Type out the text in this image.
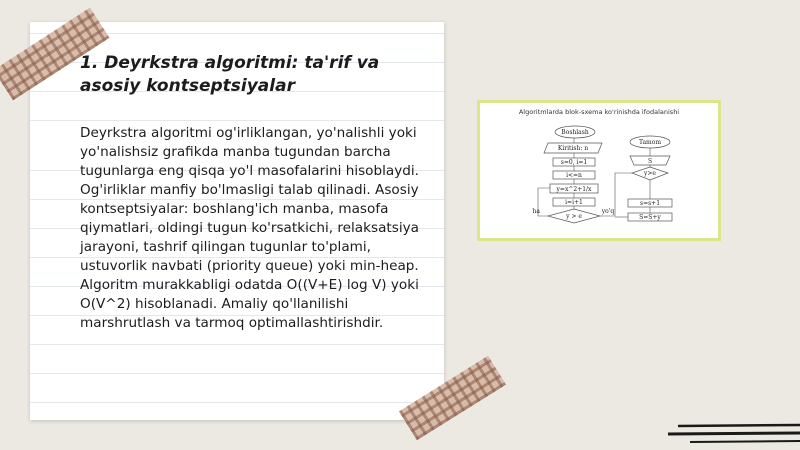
1. Deyrkstra algoritmi: ta'rif va asosiy kontseptsiyalar

Deyrkstra algoritmi og'irliklangan, yo'nalishli yoki yo'nalishsiz grafikda manba tugundan barcha tugunlarga eng qisqa yo'l masofalarini hisoblaydi. Og'irliklar manfiy bo'lmasligi talab qilinadi. Asosiy kontseptsiyalar: boshlang'ich manba, masofa qiymatlari, oldingi tugun ko'rsatkichi, relaksatsiya jarayoni, tashrif qilingan tugunlar to'plami, ustuvorlik navbati (priority queue) yoki min-heap. Algoritm murakkabligi odatda O((V+E) log V) yoki O(V^2) hisoblanadi. Amaliy qo'llanilishi marshrutlash va tarmoq optimallashtirishdir.

Algoritmlarda blok-sxema ko'rinishda ifodalanishi
Boshlash
Kiritish: n
s=0, i=1
i<=n
y=x^2+1/x
i=i+1
y > e
ha	yo'q
Tamom
S
y>e
s=s+1
S=S+y
